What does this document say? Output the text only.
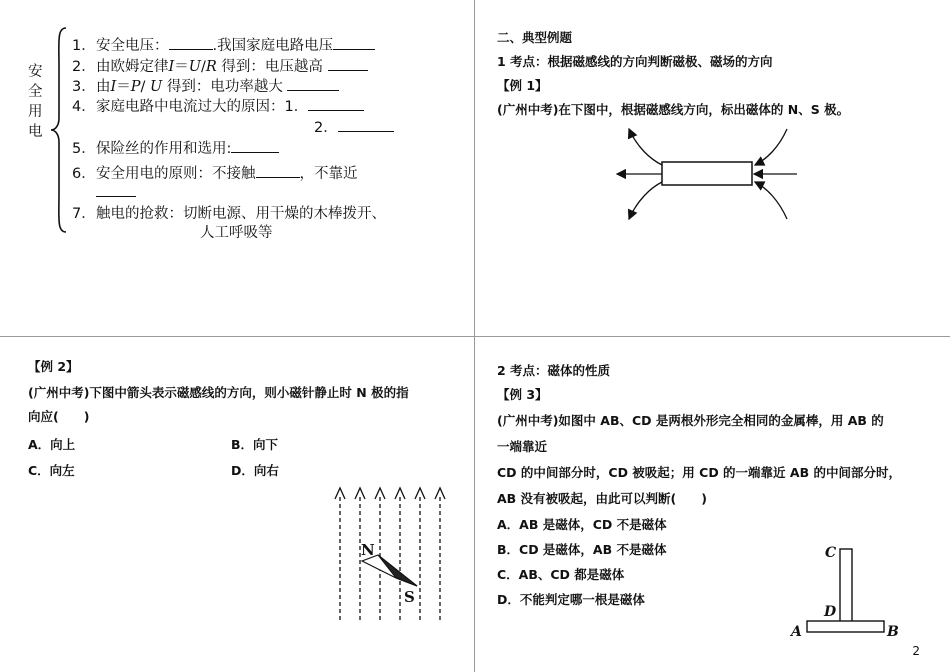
安
全
用
电
1． 安全电压：	.我国家庭电路电压
2． 由欧姆定律I＝U/R 得到：电压越高
3． 由I＝P/ U 得到：电功率越大
4． 家庭电路中电流过大的原因：1．
2．
5． 保险丝的作用和选用:
6． 安全用电的原则：不接触	，不靠近
7． 触电的抢救：切断电源、用干燥的木棒拨开、
人工呼吸等
二、典型例题
1 考点：根据磁感线的方向判断磁极、磁场的方向
【例 1】
(广州中考)在下图中，根据磁感线方向，标出磁体的 N、S 极。
【例 2】
(广州中考)下图中箭头表示磁感线的方向，则小磁针静止时 N 极的指
向应(　　)
A．向上	B．向下
C．向左	D．向右
N
S
2 考点：磁体的性质
【例 3】
(广州中考)如图中 AB、CD 是两根外形完全相同的金属棒，用 AB 的
一端靠近
CD 的中间部分时，CD 被吸起；用 CD 的一端靠近 AB 的中间部分时，
AB 没有被吸起，由此可以判断(　　)
A．AB 是磁体，CD 不是磁体
B．CD 是磁体，AB 不是磁体
C．AB、CD 都是磁体
D．不能判定哪一根是磁体
C
D
A	B
2
